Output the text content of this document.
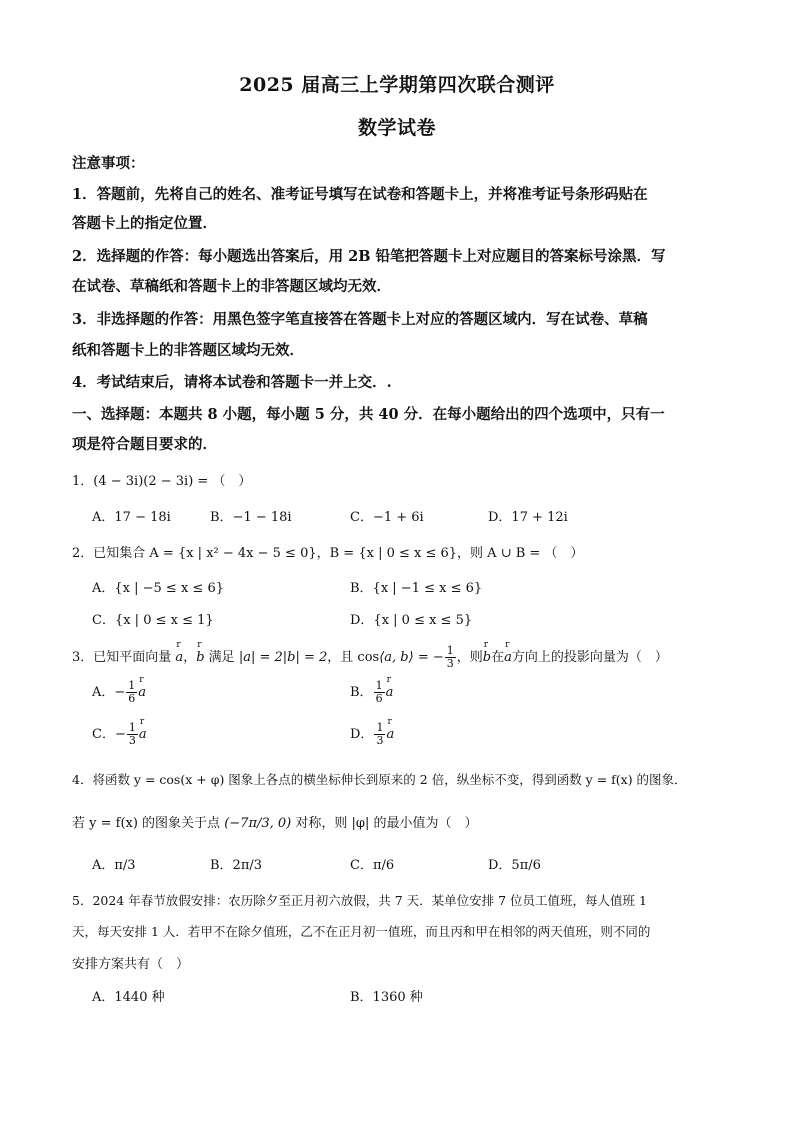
2025 届高三上学期第四次联合测评
数学试卷
注意事项：
1．答题前，先将自己的姓名、准考证号填写在试卷和答题卡上，并将准考证号条形码贴在
答题卡上的指定位置．
2．选择题的作答：每小题选出答案后，用 2B 铅笔把答题卡上对应题目的答案标号涂黑．写
在试卷、草稿纸和答题卡上的非答题区域均无效．
3．非选择题的作答：用黑色签字笔直接答在答题卡上对应的答题区域内．写在试卷、草稿
纸和答题卡上的非答题区域均无效．
4．考试结束后，请将本试卷和答题卡一并上交．.
一、选择题：本题共 8 小题，每小题 5 分，共 40 分．在每小题给出的四个选项中，只有一
项是符合题目要求的．
1．(4 − 3i)(2 − 3i) = （　）
A．17 − 18i	B．−1 − 18i	C．−1 + 6i	D．17 + 12i
2．已知集合 A = {x | x² − 4x − 5 ≤ 0}，B = {x | 0 ≤ x ≤ 6}，则 A ∪ B = （　）
A．{x | −5 ≤ x ≤ 6}	B．{x | −1 ≤ x ≤ 6}
C．{x | 0 ≤ x ≤ 1}	D．{x | 0 ≤ x ≤ 5}
3．已知平面向量 r a，r b 满足 |a| = 2|b| = 2，且 cos⟨a, b⟩ = − $\frac{1}{3}$ ，则r b在r a方向上的投影向量为（　）
A．− $\frac{1}{6}$ r a	B． $\frac{1}{6}$ r a
C．− $\frac{1}{3}$ r a	D． $\frac{1}{3}$ r a
4．将函数 y = cos(x + φ) 图象上各点的横坐标伸长到原来的 2 倍，纵坐标不变，得到函数 y = f(x) 的图象．
若 y = f(x) 的图象关于点 (−7π/3, 0) 对称，则 |φ| 的最小值为（　）
A．π/3	B．2π/3	C．π/6	D．5π/6
5．2024 年春节放假安排：农历除夕至正月初六放假，共 7 天．某单位安排 7 位员工值班，每人值班 1
天，每天安排 1 人．若甲不在除夕值班，乙不在正月初一值班，而且丙和甲在相邻的两天值班，则不同的
安排方案共有（　）
A．1440 种	B．1360 种
